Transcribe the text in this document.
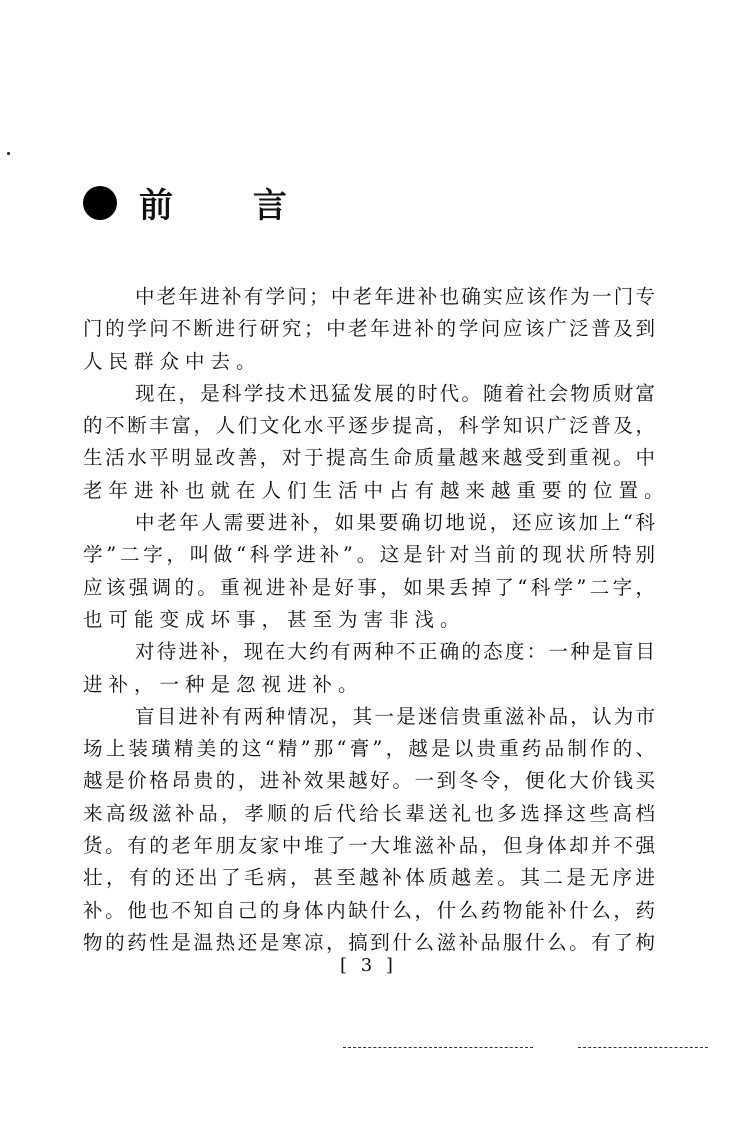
前 言
中老年进补有学问；中老年进补也确实应该作为一门专
门的学问不断进行研究；中老年进补的学问应该广泛普及到
人民群众中去。
现在，是科学技术迅猛发展的时代。随着社会物质财富
的不断丰富，人们文化水平逐步提高，科学知识广泛普及，
生活水平明显改善，对于提高生命质量越来越受到重视。中
老年进补也就在人们生活中占有越来越重要的位置。
中老年人需要进补，如果要确切地说，还应该加上“科
学”二字，叫做“科学进补”。这是针对当前的现状所特别
应该强调的。重视进补是好事，如果丢掉了“科学”二字，
也可能变成坏事，甚至为害非浅。
对待进补，现在大约有两种不正确的态度：一种是盲目
进补，一种是忽视进补。
盲目进补有两种情况，其一是迷信贵重滋补品，认为市
场上装璜精美的这“精”那“膏”，越是以贵重药品制作的、
越是价格昂贵的，进补效果越好。一到冬令，便化大价钱买
来高级滋补品，孝顺的后代给长辈送礼也多选择这些高档
货。有的老年朋友家中堆了一大堆滋补品，但身体却并不强
壮，有的还出了毛病，甚至越补体质越差。其二是无序进
补。他也不知自己的身体内缺什么，什么药物能补什么，药
物的药性是温热还是寒凉，搞到什么滋补品服什么。有了枸
[ 3 ]
